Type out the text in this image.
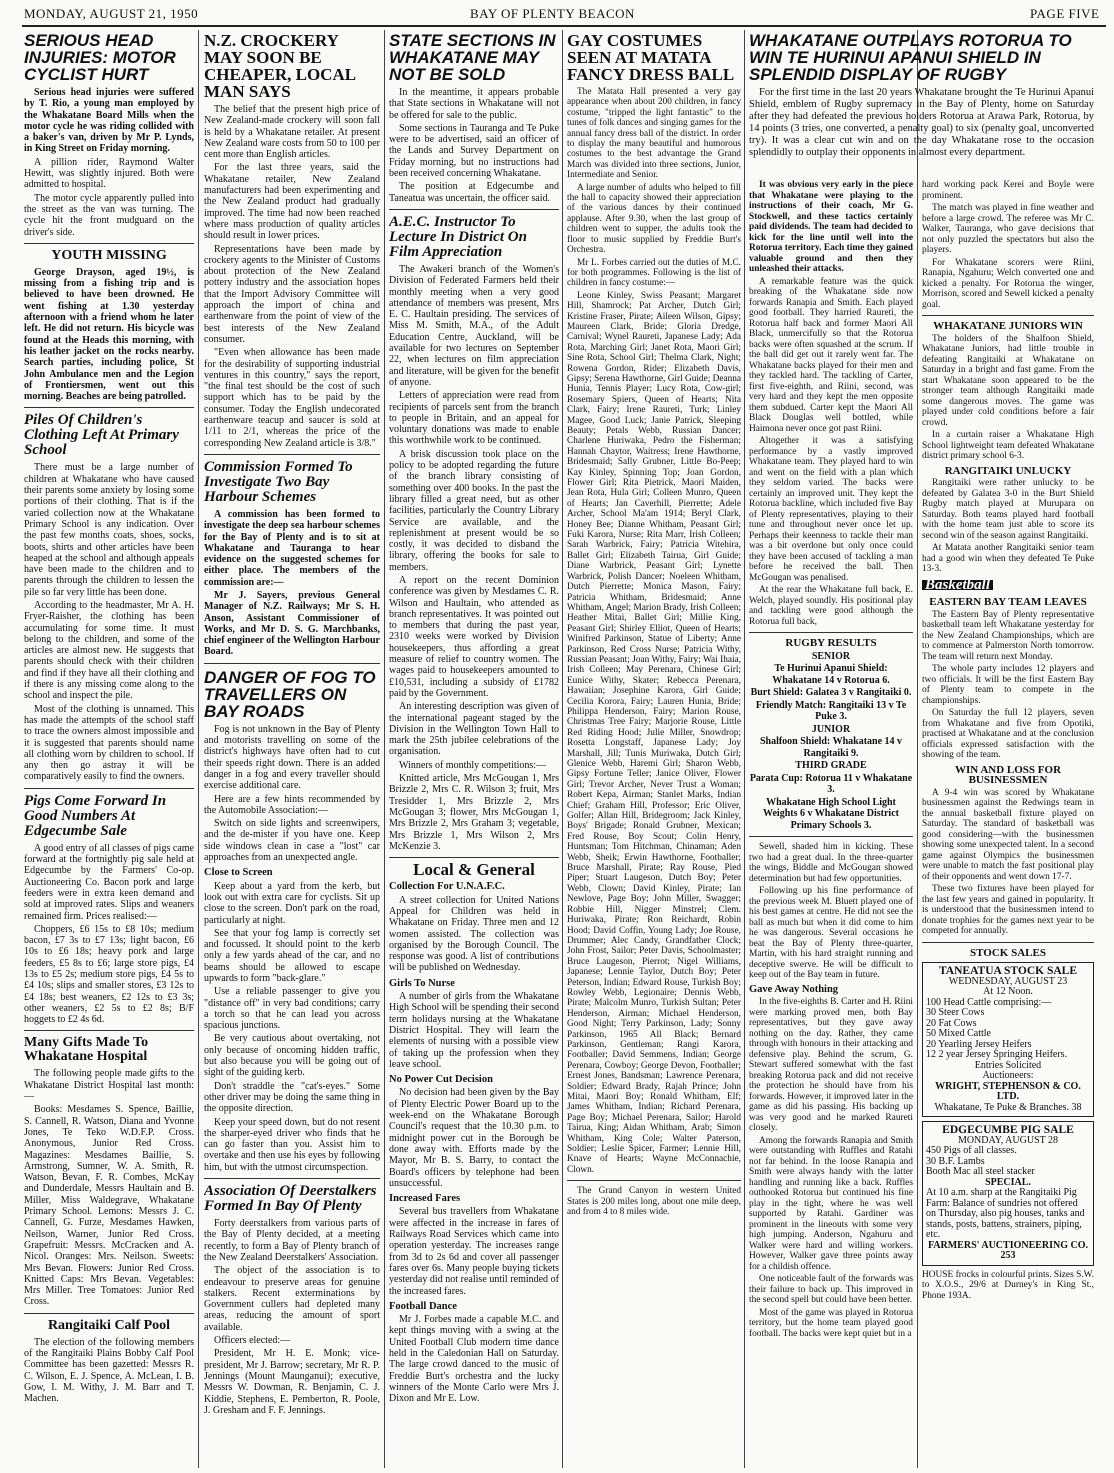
MONDAY, AUGUST 21, 1950	BAY OF PLENTY BEACON	PAGE FIVE
SERIOUS HEAD INJURIES: MOTOR CYCLIST HURT

Serious head injuries were suffered by T. Rio, a young man employed by the Whakatane Board Mills when the motor cycle he was riding collided with a baker's van, driven by Mr P. Lynds, in King Street on Friday morning.

A pillion rider, Raymond Walter Hewitt, was slightly injured. Both were admitted to hospital.

The motor cycle apparently pulled into the street as the van was turning. The cycle hit the front mudguard on the driver's side.

YOUTH MISSING

George Drayson, aged 19½, is missing from a fishing trip and is believed to have been drowned. He went fishing at 1.30 yesterday afternoon with a friend whom he later left. He did not return. His bicycle was found at the Heads this morning, with his leather jacket on the rocks nearby. Search parties, including police, St John Ambulance men and the Legion of Frontiersmen, went out this morning. Beaches are being patrolled.

Piles Of Children's Clothing Left At Primary School

There must be a large number of children at Whakatane who have caused their parents some anxiety by losing some portions of their clothing. That is if the varied collection now at the Whakatane Primary School is any indication. Over the past few months coats, shoes, socks, boots, shirts and other articles have been heaped at the school and although appeals have been made to the children and to parents through the children to lessen the pile so far very little has been done.

According to the headmaster, Mr A. H. Fryer-Raisher, the clothing has been accumulating for some time. It must belong to the children, and some of the articles are almost new. He suggests that parents should check with their children and find if they have all their clothing and if there is any missing come along to the school and inspect the pile.

Most of the clothing is unnamed. This has made the attempts of the school staff to trace the owners almost impossible and it is suggested that parents should name all clothing worn by children to school. If any then go astray it will be comparatively easily to find the owners.

Pigs Come Forward In Good Numbers At Edgecumbe Sale

A good entry of all classes of pigs came forward at the fortnightly pig sale held at Edgecumbe by the Farmers' Co-op. Auctioneering Co. Bacon pork and large feeders were in extra keen demand and sold at improved rates. Slips and weaners remained firm. Prices realised:—

Choppers, £6 15s to £8 10s; medium bacon, £7 3s to £7 13s; light bacon, £6 10s to £6 18s; heavy pork and large feeders, £5 8s to £6; large store pigs, £4 13s to £5 2s; medium store pigs, £4 5s to £4 10s; slips and smaller stores, £3 12s to £4 18s; best weaners, £2 12s to £3 3s; other weaners, £2 5s to £2 8s; B/F hoggets to £2 4s 6d.

Many Gifts Made To Whakatane Hospital

The following people made gifts to the Whakatane District Hospital last month:—

Books: Mesdames S. Spence, Baillie, S. Cannell, R. Watson, Diana and Yvonne Jones, Te Teko W.D.F.P. Cross. Anonymous, Junior Red Cross. Magazines: Mesdames Baillie, S. Armstrong, Sumner, W. A. Smith, R. Watson, Bevan, F. R. Combes, McKay and Dunderdale, Messrs Haultain and B. Miller, Miss Waldegrave, Whakatane Primary School. Lemons: Messrs J. C. Cannell, G. Furze, Mesdames Hawken, Neilson, Warner, Junior Red Cross. Grapefruit: Messrs. McCracken and A. Nicol. Oranges: Mrs. Neilson. Sweets: Mrs Bevan. Flowers: Junior Red Cross. Knitted Caps: Mrs Bevan. Vegetables: Mrs Miller. Tree Tomatoes: Junior Red Cross.

Rangitaiki Calf Pool

The election of the following members of the Rangitaiki Plains Bobby Calf Pool Committee has been gazetted: Messrs R. C. Wilson, E. J. Spence, A. McLean, I. B. Gow, I. M. Withy, J. M. Barr and T. Machen.

N.Z. CROCKERY MAY SOON BE CHEAPER, LOCAL MAN SAYS

The belief that the present high price of New Zealand-made crockery will soon fall is held by a Whakatane retailer. At present New Zealand ware costs from 50 to 100 per cent more than English articles.

For the last three years, said the Whakatane retailer, New Zealand manufacturers had been experimenting and the New Zealand product had gradually improved. The time had now been reached where mass production of quality articles should result in lower prices.

Representations have been made by crockery agents to the Minister of Customs about protection of the New Zealand pottery industry and the association hopes that the Import Advisory Committee will approach the import of china and earthenware from the point of view of the best interests of the New Zealand consumer.

"Even when allowance has been made for the desirability of supporting industrial ventures in this country," says the report, "the final test should be the cost of such support which has to be paid by the consumer. Today the English undecorated earthenware teacup and saucer is sold at 1/11 to 2/1, whereas the price of the corresponding New Zealand article is 3/8."

Commission Formed To Investigate Two Bay Harbour Schemes

A commission has been formed to investigate the deep sea harbour schemes for the Bay of Plenty and is to sit at Whakatane and Tauranga to hear evidence on the suggested schemes for either place. The members of the commission are:—

Mr J. Sayers, previous General Manager of N.Z. Railways; Mr S. H. Anson, Assistant Commissioner of Works, and Mr D. S. G. Marchbanks, chief engineer of the Wellington Harbour Board.

DANGER OF FOG TO TRAVELLERS ON BAY ROADS

Fog is not unknown in the Bay of Plenty and motorists travelling on some of the district's highways have often had to cut their speeds right down. There is an added danger in a fog and every traveller should exercise additional care.

Here are a few hints recommended by the Automobile Association:—

Switch on side lights and screenwipers, and the de-mister if you have one. Keep side windows clean in case a "lost" car approaches from an unexpected angle.

Close to Screen

Keep about a yard from the kerb, but look out with extra care for cyclists. Sit up close to the screen. Don't park on the road, particularly at night.

See that your fog lamp is correctly set and focussed. It should point to the kerb only a few yards ahead of the car, and no beams should be allowed to escape upwards to form "back-glare."

Use a reliable passenger to give you "distance off" in very bad conditions; carry a torch so that he can lead you across spacious junctions.

Be very cautious about overtaking, not only because of oncoming hidden traffic, but also because you will be going out of sight of the guiding kerb.

Don't straddle the "cat's-eyes." Some other driver may be doing the same thing in the opposite direction.

Keep your speed down, but do not resent the sharper-eyed driver who finds that he can go faster than you. Assist him to overtake and then use his eyes by following him, but with the utmost circumspection.

Association Of Deerstalkers Formed In Bay Of Plenty

Forty deerstalkers from various parts of the Bay of Plenty decided, at a meeting recently, to form a Bay of Plenty branch of the New Zealand Deerstalkers' Association.

The object of the association is to endeavour to preserve areas for genuine stalkers. Recent exterminations by Government cullers had depleted many areas, reducing the amount of sport available.

Officers elected:—

President, Mr H. E. Monk; vice-president, Mr J. Barrow; secretary, Mr R. P. Jennings (Mount Maunganui); executive, Messrs W. Dowman, R. Benjamin, C. J. Kiddie, Stephens, E. Pemberton, R. Poole, J. Gresham and F. F. Jennings.

STATE SECTIONS IN WHAKATANE MAY NOT BE SOLD

In the meantime, it appears probable that State sections in Whakatane will not be offered for sale to the public.

Some sections in Tauranga and Te Puke were to be advertised, said an officer of the Lands and Survey Department on Friday morning, but no instructions had been received concerning Whakatane.

The position at Edgecumbe and Taneatua was uncertain, the officer said.

A.E.C. Instructor To Lecture In District On Film Appreciation

The Awakeri branch of the Women's Division of Federated Farmers held their monthly meeting when a very good attendance of members was present, Mrs E. C. Haultain presiding. The services of Miss M. Smith, M.A., of the Adult Education Centre, Auckland, will be available for two lectures on September 22, when lectures on film appreciation and literature, will be given for the benefit of anyone.

Letters of appreciation were read from recipients of parcels sent from the branch to people in Britain, and an appeal for voluntary donations was made to enable this worthwhile work to be continued.

A brisk discussion took place on the policy to be adopted regarding the future of the branch library consisting of something over 400 books. In the past the library filled a great need, but as other facilities, particularly the Country Library Service are available, and the replenishment at present would be so costly, it was decided to disband the library, offering the books for sale to members.

A report on the recent Dominion conference was given by Mesdames C. R. Wilson and Haultain, who attended as branch representatives. It was pointed out to members that during the past year, 2310 weeks were worked by Division housekeepers, thus affording a great measure of relief to country women. The wages paid to housekeepers amounted to £10,531, including a subsidy of £1782 paid by the Government.

An interesting description was given of the international pageant staged by the Division in the Wellington Town Hall to mark the 25th jubilee celebrations of the organisation.

Winners of monthly competitions:—

Knitted article, Mrs McGougan 1, Mrs Brizzle 2, Mrs C. R. Wilson 3; fruit, Mrs Tresidder 1, Mrs Brizzle 2, Mrs McGougan 3; flower, Mrs McGougan 1, Mrs Brizzle 2, Mrs Graham 3; vegetable, Mrs Brizzle 1, Mrs Wilson 2, Mrs McKenzie 3.

Local & General
Collection For U.N.A.F.C.

A street collection for United Nations Appeal for Children was held in Whakatane on Friday. Three men and 12 women assisted. The collection was organised by the Borough Council. The response was good. A list of contributions will be published on Wednesday.

Girls To Nurse

A number of girls from the Whakatane High School will be spending their second term holidays nursing at the Whakatane District Hospital. They will learn the elements of nursing with a possible view of taking up the profession when they leave school.

No Power Cut Decision

No decision had been given by the Bay of Plenty Electric Power Board up to the week-end on the Whakatane Borough Council's request that the 10.30 p.m. to midnight power cut in the Borough be done away with. Efforts made by the Mayor, Mr B. S. Barry, to contact the Board's officers by telephone had been unsuccessful.

Increased Fares

Several bus travellers from Whakatane were affected in the increase in fares of Railways Road Services which came into operation yesterday. The increases range from 3d to 2s 6d and cover all passenger fares over 6s. Many people buying tickets yesterday did not realise until reminded of the increased fares.

Football Dance

Mr J. Forbes made a capable M.C. and kept things moving with a swing at the United Football Club modern time dance held in the Caledonian Hall on Saturday. The large crowd danced to the music of Freddie Burt's orchestra and the lucky winners of the Monte Carlo were Mrs J. Dixon and Mr E. Low.

GAY COSTUMES SEEN AT MATATA FANCY DRESS BALL

The Matata Hall presented a very gay appearance when about 200 children, in fancy costume, "tripped the light fantastic" to the tunes of folk dances and singing games for the annual fancy dress ball of the district. In order to display the many beautiful and humorous costumes to the best advantage the Grand March was divided into three sections, Junior, Intermediate and Senior.

A large number of adults who helped to fill the hall to capacity showed their appreciation of the various dances by their continued applause. After 9.30, when the last group of children went to supper, the adults took the floor to music supplied by Freddie Burt's Orchestra.

Mr L. Forbes carried out the duties of M.C. for both programmes. Following is the list of children in fancy costume:—

Leone Kinley, Swiss Peasant; Margaret Hill, Shamrock; Pat Archer, Dutch Girl; Kristine Fraser, Pirate; Aileen Wilson, Gipsy; Maureen Clark, Bride; Gloria Dredge, Carnival; Wynel Raureti, Japanese Lady; Ada Rota, Marching Girl; Janet Rota, Maori Girl; Sine Rota, School Girl; Thelma Clark, Night; Rowena Gordon, Rider; Elizabeth Davis, Gipsy; Serena Hawthorne, Girl Guide; Deanna Hunia, Tennis Player; Lucy Rota, Cow-girl; Rosemary Spiers, Queen of Hearts; Nita Clark, Fairy; Irene Raureti, Turk; Linley Magee, Good Luck; Janie Patrick, Sleeping Beauty; Petals Webb, Russian Dancer; Charlene Huriwaka, Pedro the Fisherman; Hannah Chaytor, Waitress; Irene Hawthorne, Bridesmaid; Sally Grubner, Little Bo-Peep; Kay Kinley, Spinning Top; Joan Gordon, Flower Girl; Rita Pietrick, Maori Maiden, Jean Rota, Hula Girl; Colleen Munro, Queen of Hearts; Jan Caverhill, Pierrette; Adele Archer, School Ma'am 1914; Beryl Clark, Honey Bee; Dianne Whitham, Peasant Girl; Fuki Karora, Nurse; Rita Marr, Irish Colleen; Sarah Warbrick, Fairy; Patricia Witehira, Ballet Girl; Elizabeth Tairua, Girl Guide; Diane Warbrick, Peasant Girl; Lynette Warbrick, Polish Dancer; Noeleen Whitham, Dutch Pierrette; Monica Mason, Fairy; Patricia Whitham, Bridesmaid; Anne Whitham, Angel; Marion Brady, Irish Colleen; Heather Mitai, Ballet Girl; Millie King, Peasant Girl; Shirley Elliot, Queen of Hearts; Winifred Parkinson, Statue of Liberty; Anne Parkinson, Red Cross Nurse; Patricia Withy, Russian Peasant; Joan Withy, Fairy; Wai Ihaia, Irish Colleen; May Perenara, Chinese Girl; Eunice Withy, Skater; Rebecca Perenara, Hawaiian; Josephine Karora, Girl Guide; Cecilia Korora, Fairy; Lauren Hunia, Bride; Philippa Henderson, Fairy; Marion Rouse, Christmas Tree Fairy; Marjorie Rouse, Little Red Riding Hood; Julie Miller, Snowdrop; Rosetta Longstaff, Japanese Lady; Joy Marshall, Jill; Tunis Muriwaka, Dutch Girl; Glenice Webb, Haremi Girl; Sharon Webb, Gipsy Fortune Teller; Janice Oliver, Flower Girl; Trevor Archer, Never Trust a Woman; Robert Kepa, Airman; Stanlet Marks, Indian Chief; Graham Hill, Professor; Eric Oliver, Golfer; Allan Hill, Bridegroom; Jack Kinley, Boys' Brigade; Ronald Grubner, Mexican; Fred Rouse, Boy Scout; Colin Henry, Huntsman; Tom Hitchman, Chinaman; Aden Webb, Sheik; Erwin Hawthorne, Footballer; Bruce Marshall, Pirate; Ray Rouse, Pied Piper; Stuart Laugeson, Dutch Boy; Peter Webb, Clown; David Kinley, Pirate; Ian Newlove, Page Boy; John Miller, Swagger; Robbie Hill, Nigger Minstrel; Clem. Huriwaka, Pirate; Ron Reichardt, Robin Hood; David Coffin, Young Lady; Joe Rouse, Drummer; Alec Candy, Grandfather Clock; John Frost, Sailor; Peter Davis, Schoolmaster; Bruce Laugeson, Pierrot; Nigel Williams, Japanese; Lennie Taylor, Dutch Boy; Peter Peterson, Indian; Edward Rouse, Turkish Boy; Rowley Webb, Legionaire; Dennis Webb, Pirate; Malcolm Munro, Turkish Sultan; Peter Henderson, Airman; Michael Henderson, Good Night; Terry Parkinson, Lady; Sonny Parkinson, 1965 All Black; Bernard Parkinson, Gentleman; Rangi Karora, Footballer; David Semmens, Indian; George Perenara, Cowboy; George Devon, Footballer; Ernest Jones, Bandsman; Lawrence Perenara, Soldier; Edward Brady, Rajah Prince; John Mitai, Maori Boy; Ronald Whitham, Elf; James Whitham, Indian; Richard Perenara, Page Boy; Michael Perenara, Sailor; Harold Tairua, King; Aidan Whitham, Arab; Simon Whitham, King Cole; Walter Paterson, Soldier; Leslie Spicer, Farmer; Lennie Hill, Knave of Hearts; Wayne McConnachie, Clown.

The Grand Canyon in western United States is 200 miles long, about one mile deep, and from 4 to 8 miles wide.

WHAKATANE OUTPLAYS ROTORUA TO WIN TE HURINUI APANUI SHIELD IN SPLENDID DISPLAY OF RUGBY

For the first time in the last 20 years Whakatane brought the Te Hurinui Apanui Shield, emblem of Rugby supremacy in the Bay of Plenty, home on Saturday after they had defeated the previous holders Rotorua at Arawa Park, Rotorua, by 14 points (3 tries, one converted, a penalty goal) to six (penalty goal, unconverted try). It was a clear cut win and on the day Whakatane rose to the occasion splendidly to outplay their opponents in almost every department.

It was obvious very early in the piece that Whakatane were playing to the instructions of their coach, Mr G. Stockwell, and these tactics certainly paid dividends. The team had decided to kick for the line until well into the Rotorua territory. Each time they gained valuable ground and then they unleashed their attacks.

A remarkable feature was the quick breaking of the Whakatane side now forwards Ranapia and Smith. Each played good football. They harried Raureti, the Rotorua half back and former Maori All Black, unmercifully so that the Rotorua backs were often squashed at the scrum. If the ball did get out it rarely went far. The Whakatane backs played for their men and they tackled hard. The tackling of Carter, first five-eighth, and Riini, second, was very hard and they kept the men opposite them subdued. Carter kept the Maori All Black Douglas well bottled, while Haimona never once got past Riini.

Altogether it was a satisfying performance by a vastly improved Whakatane team. They played hard to win and went on the field with a plan which they seldom varied. The backs were certainly an improved unit. They kept the Rotorua backline, which included five Bay of Plenty representatives, playing to their tune and throughout never once let up. Perhaps their keenness to tackle their man was a bit overdone but only once could they have been accused of tackling a man before he received the ball. Then McGougan was penalised.

At the rear the Whakatane full back, E. Welch, played soundly. His positional play and tackling were good although the Rotorua full back,

RUGBY RESULTS
SENIOR
Te Hurinui Apanui Shield: Whakatane 14 v Rotorua 6.
Burt Shield: Galatea 3 v Rangitaiki 0.
Friendly Match: Rangitaiki 13 v Te Puke 3.
JUNIOR
Shalfoon Shield: Whakatane 14 v Rangitaiki 9.
THIRD GRADE
Parata Cup: Rotorua 11 v Whakatane 3.
Whakatane High School Light Weights 6 v Whakatane District Primary Schools 3.

Sewell, shaded him in kicking. These two had a great dual. In the three-quarter the wings, Biddle and McGougan showed determination but had few opportunities.

Following up his fine performance of the previous week M. Bluett played one of his best games at centre. He did not see the ball as much but when it did come to him he was dangerous. Several occasions he beat the Bay of Plenty three-quarter, Martin, with his hard straight running and deceptive swerve. He will be difficult to keep out of the Bay team in future.

Gave Away Nothing

In the five-eighths B. Carter and H. Riini were marking proved men, both Bay representatives, but they gave away nothing on the day. Rather, they came through with honours in their attacking and defensive play. Behind the scrum, G. Stewart suffered somewhat with the fast breaking Rotorua pack and did not receive the protection he should have from his forwards. However, it improved later in the game as did his passing. His backing up was very good and he marked Raureti closely.

Among the forwards Ranapia and Smith were outstanding with Ruffles and Ratahi not far behind. In the loose Ranapia and Smith were always handy with the latter handling and running like a back. Ruffles outhooked Rotorua but continued his fine play in the tight, where he was well supported by Ratahi. Gardiner was prominent in the lineouts with some very high jumping. Anderson, Ngahuru and Walker were hard and willing workers. However, Walker gave three points away for a childish offence.

One noticeable fault of the forwards was their failure to back up. This improved in the second spell but could have been better.

Most of the game was played in Rotorua territory, but the home team played good football. The backs were kept quiet but in a

hard working pack Kerei and Boyle were prominent.

The match was played in fine weather and before a large crowd. The referee was Mr C. Walker, Tauranga, who gave decisions that not only puzzled the spectators but also the players.

For Whakatane scorers were Riini, Ranapia, Ngahuru; Welch converted one and kicked a penalty. For Rotorua the winger, Morrison, scored and Sewell kicked a penalty goal.

WHAKATANE JUNIORS WIN

The holders of the Shalfoon Shield, Whakatane Juniors, had little trouble in defeating Rangitaiki at Whakatane on Saturday in a bright and fast game. From the start Whakatane soon appeared to be the stronger team although Rangitaiki made some dangerous moves. The game was played under cold conditions before a fair crowd.

In a curtain raiser a Whakatane High School lightweight team defeated Whakatane district primary school 6-3.

RANGITAIKI UNLUCKY

Rangitaiki were rather unlucky to be defeated by Galatea 3-0 in the Burt Shield Rugby match played at Murupara on Saturday. Both teams played hard football with the home team just able to score its second win of the season against Rangitaiki.

At Matata another Rangitaiki senior team had a good win when they defeated Te Puke 13-3.

Basketball
EASTERN BAY TEAM LEAVES

The Eastern Bay of Plenty representative basketball team left Whakatane yesterday for the New Zealand Championships, which are to commence at Palmerston North tomorrow. The team will return next Monday.

The whole party includes 12 players and two officials. It will be the first Eastern Bay of Plenty team to compete in the championships.

On Saturday the full 12 players, seven from Whakatane and five from Opotiki, practised at Whakatane and at the conclusion officials expressed satisfaction with the showing of the team.

WIN AND LOSS FOR BUSINESSMEN

A 9-4 win was scored by Whakatane businessmen against the Redwings team in the annual basketball fixture played on Saturday. The standard of basketball was good considering—with the businessmen showing some unexpected talent. In a second game against Olympics the businessmen were unable to match the fast positional play of their opponents and went down 17-7.

These two fixtures have been played for the last few years and gained in popularity. It is understood that the businessmen intend to donate trophies for the games next year to be competed for annually.

STOCK SALES
TANEATUA STOCK SALE
WEDNESDAY, AUGUST 23
At 12 Noon.
100 Head Cattle comprising:—
30 Steer Cows
20 Fat Cows
50 Mixed Cattle
20 Yearling Jersey Heifers
12 2 year Jersey Springing Heifers.
Entries Solicited
Auctioneers:
WRIGHT, STEPHENSON & CO. LTD.
Whakatane, Te Puke & Branches. 38
EDGECUMBE PIG SALE
MONDAY, AUGUST 28
450 Pigs of all classes.
30 B.F. Lambs
Booth Mac all steel stacker
SPECIAL.
At 10 a.m. sharp at the Rangitaiki Pig Farm: Balance of sundries not offered on Thursday, also pig houses, tanks and stands, posts, battens, strainers, piping, etc.
FARMERS' AUCTIONEERING CO. 253

HOUSE frocks in colourful prints. Sizes S.W. to X.O.S., 29/6 at Durney's in King St., Phone 193A.
